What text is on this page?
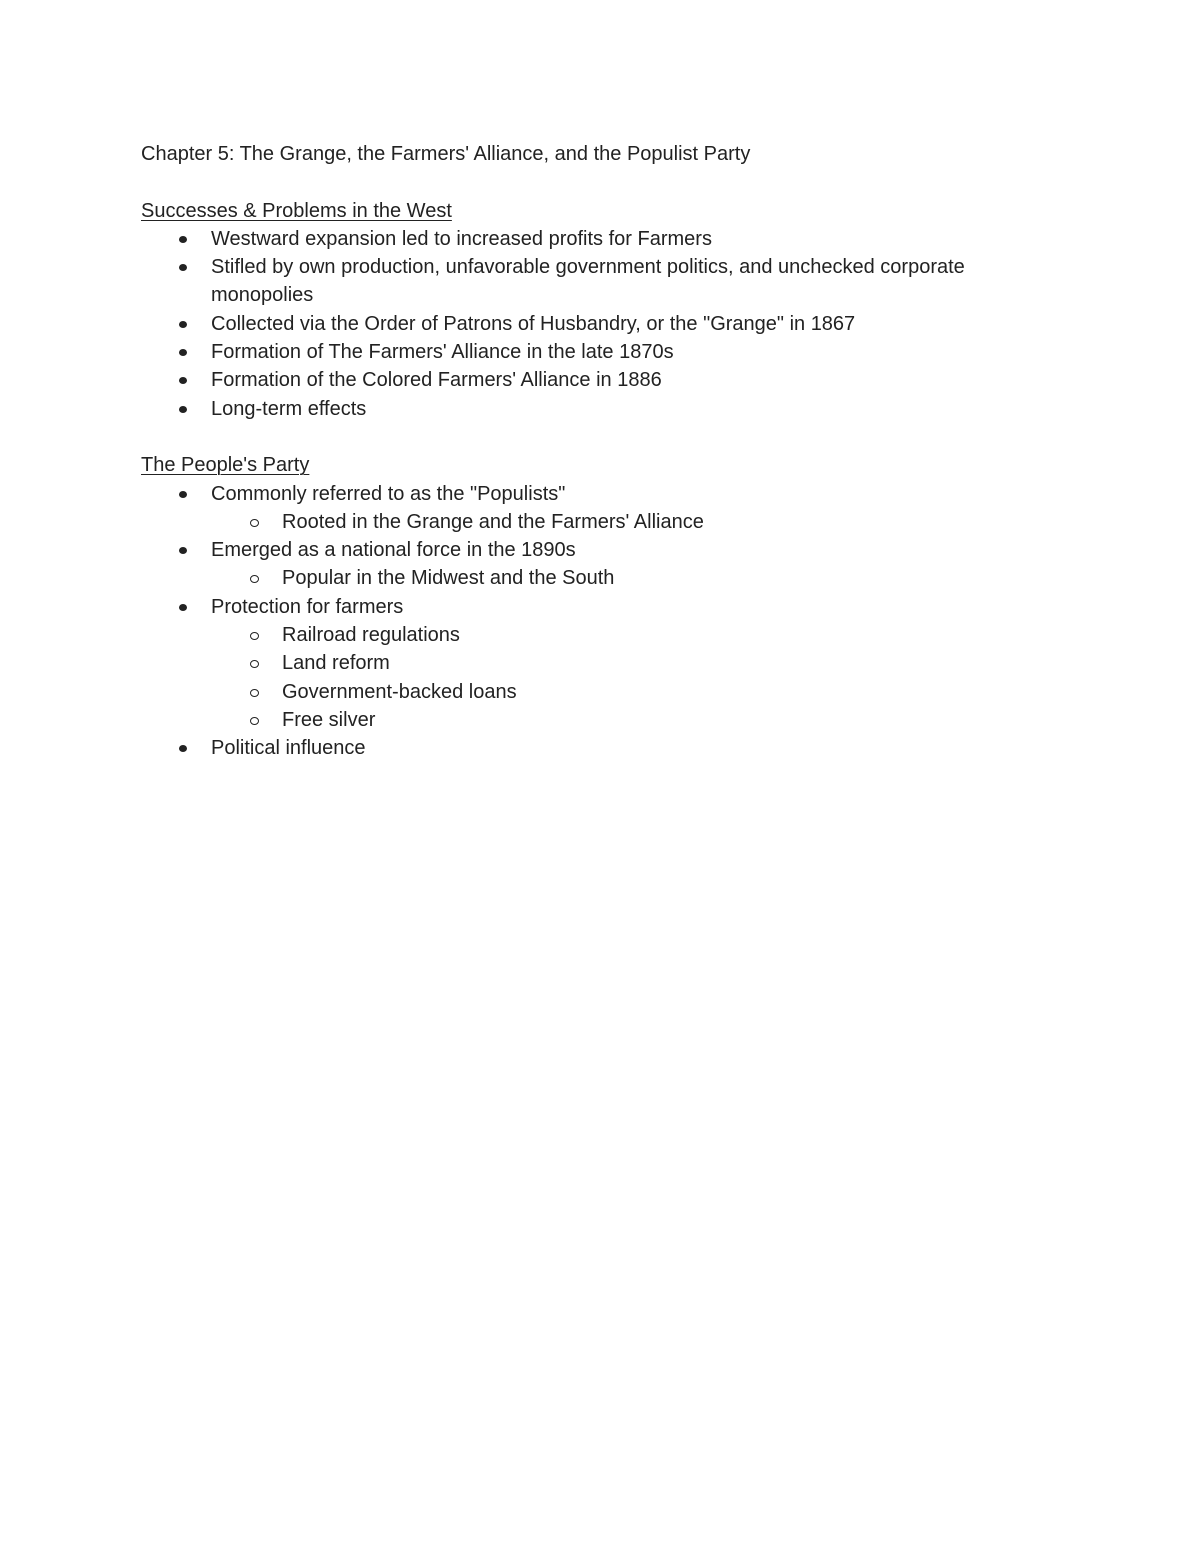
Chapter 5: The Grange, the Farmers' Alliance, and the Populist Party
Successes & Problems in the West
Westward expansion led to increased profits for Farmers
Stifled by own production, unfavorable government politics, and unchecked corporate monopolies
Collected via the Order of Patrons of Husbandry, or the "Grange" in 1867
Formation of The Farmers' Alliance in the late 1870s
Formation of the Colored Farmers' Alliance in 1886
Long-term effects
The People's Party
Commonly referred to as the "Populists"
Rooted in the Grange and the Farmers' Alliance
Emerged as a national force in the 1890s
Popular in the Midwest and the South
Protection for farmers
Railroad regulations
Land reform
Government-backed loans
Free silver
Political influence
